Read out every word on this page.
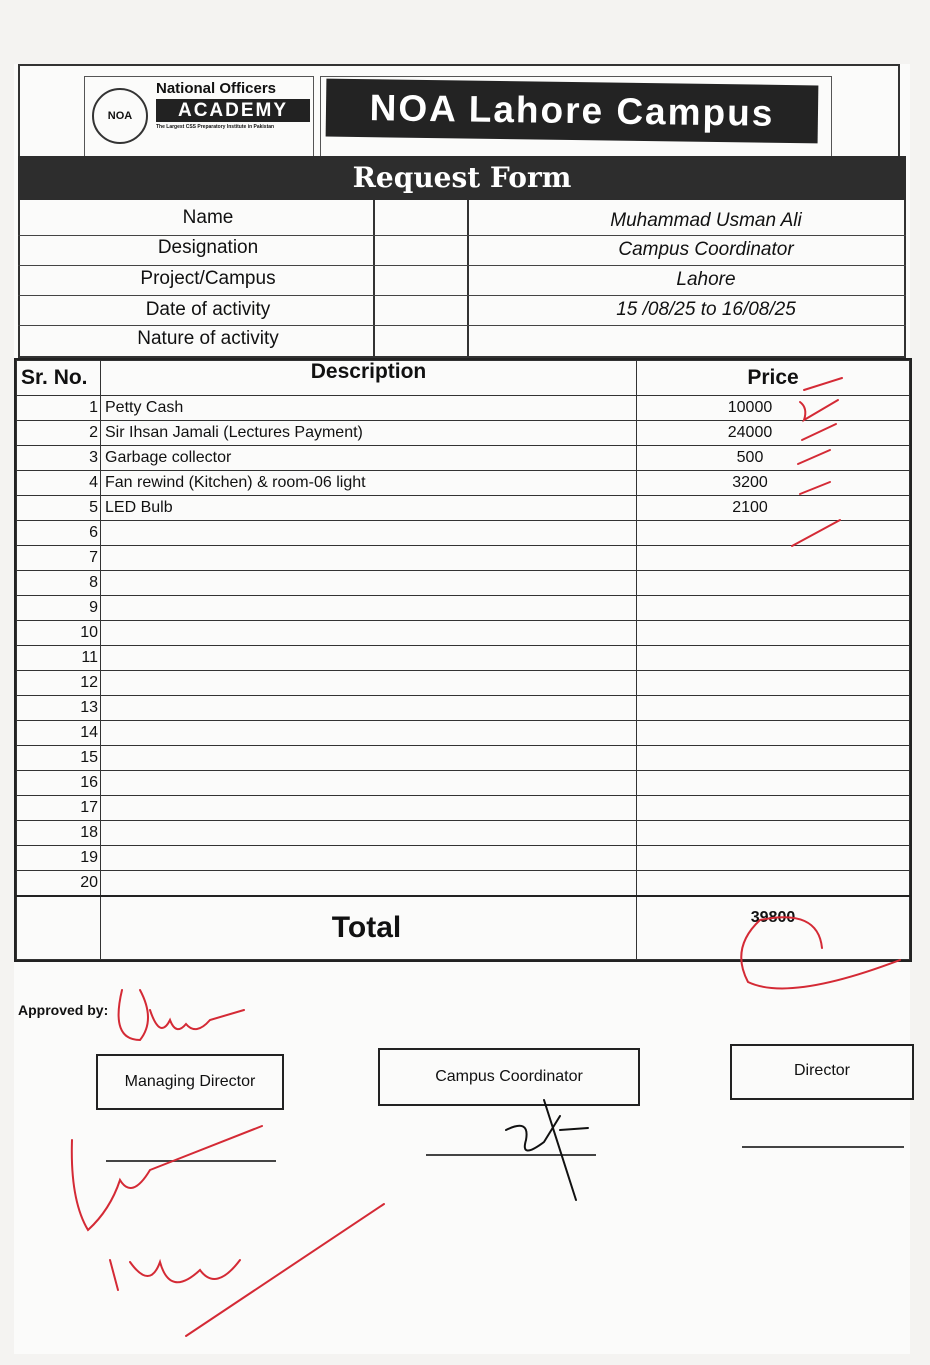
NOA
National Officers
ACADEMY
The Largest CSS Preparatory Institute in Pakistan	NOA Lahore Campus
Request Form
Name	Muhammad Usman Ali
Designation	Campus Coordinator
Project/Campus	Lahore
Date of activity	15 /08/25 to 16/08/25
Nature of activity
Sr. No.	Description	Price
1	Petty Cash	10000
2	Sir Ihsan Jamali (Lectures Payment)	24000
3	Garbage collector	500
4	Fan rewind (Kitchen) & room-06 light	3200
5	LED Bulb	2100
6		
7		
8		
9		
10		
11		
12		
13		
14		
15		
16		
17		
18		
19		
20		
	Total	39800
Approved by:
Managing Director	Campus Coordinator	Director
